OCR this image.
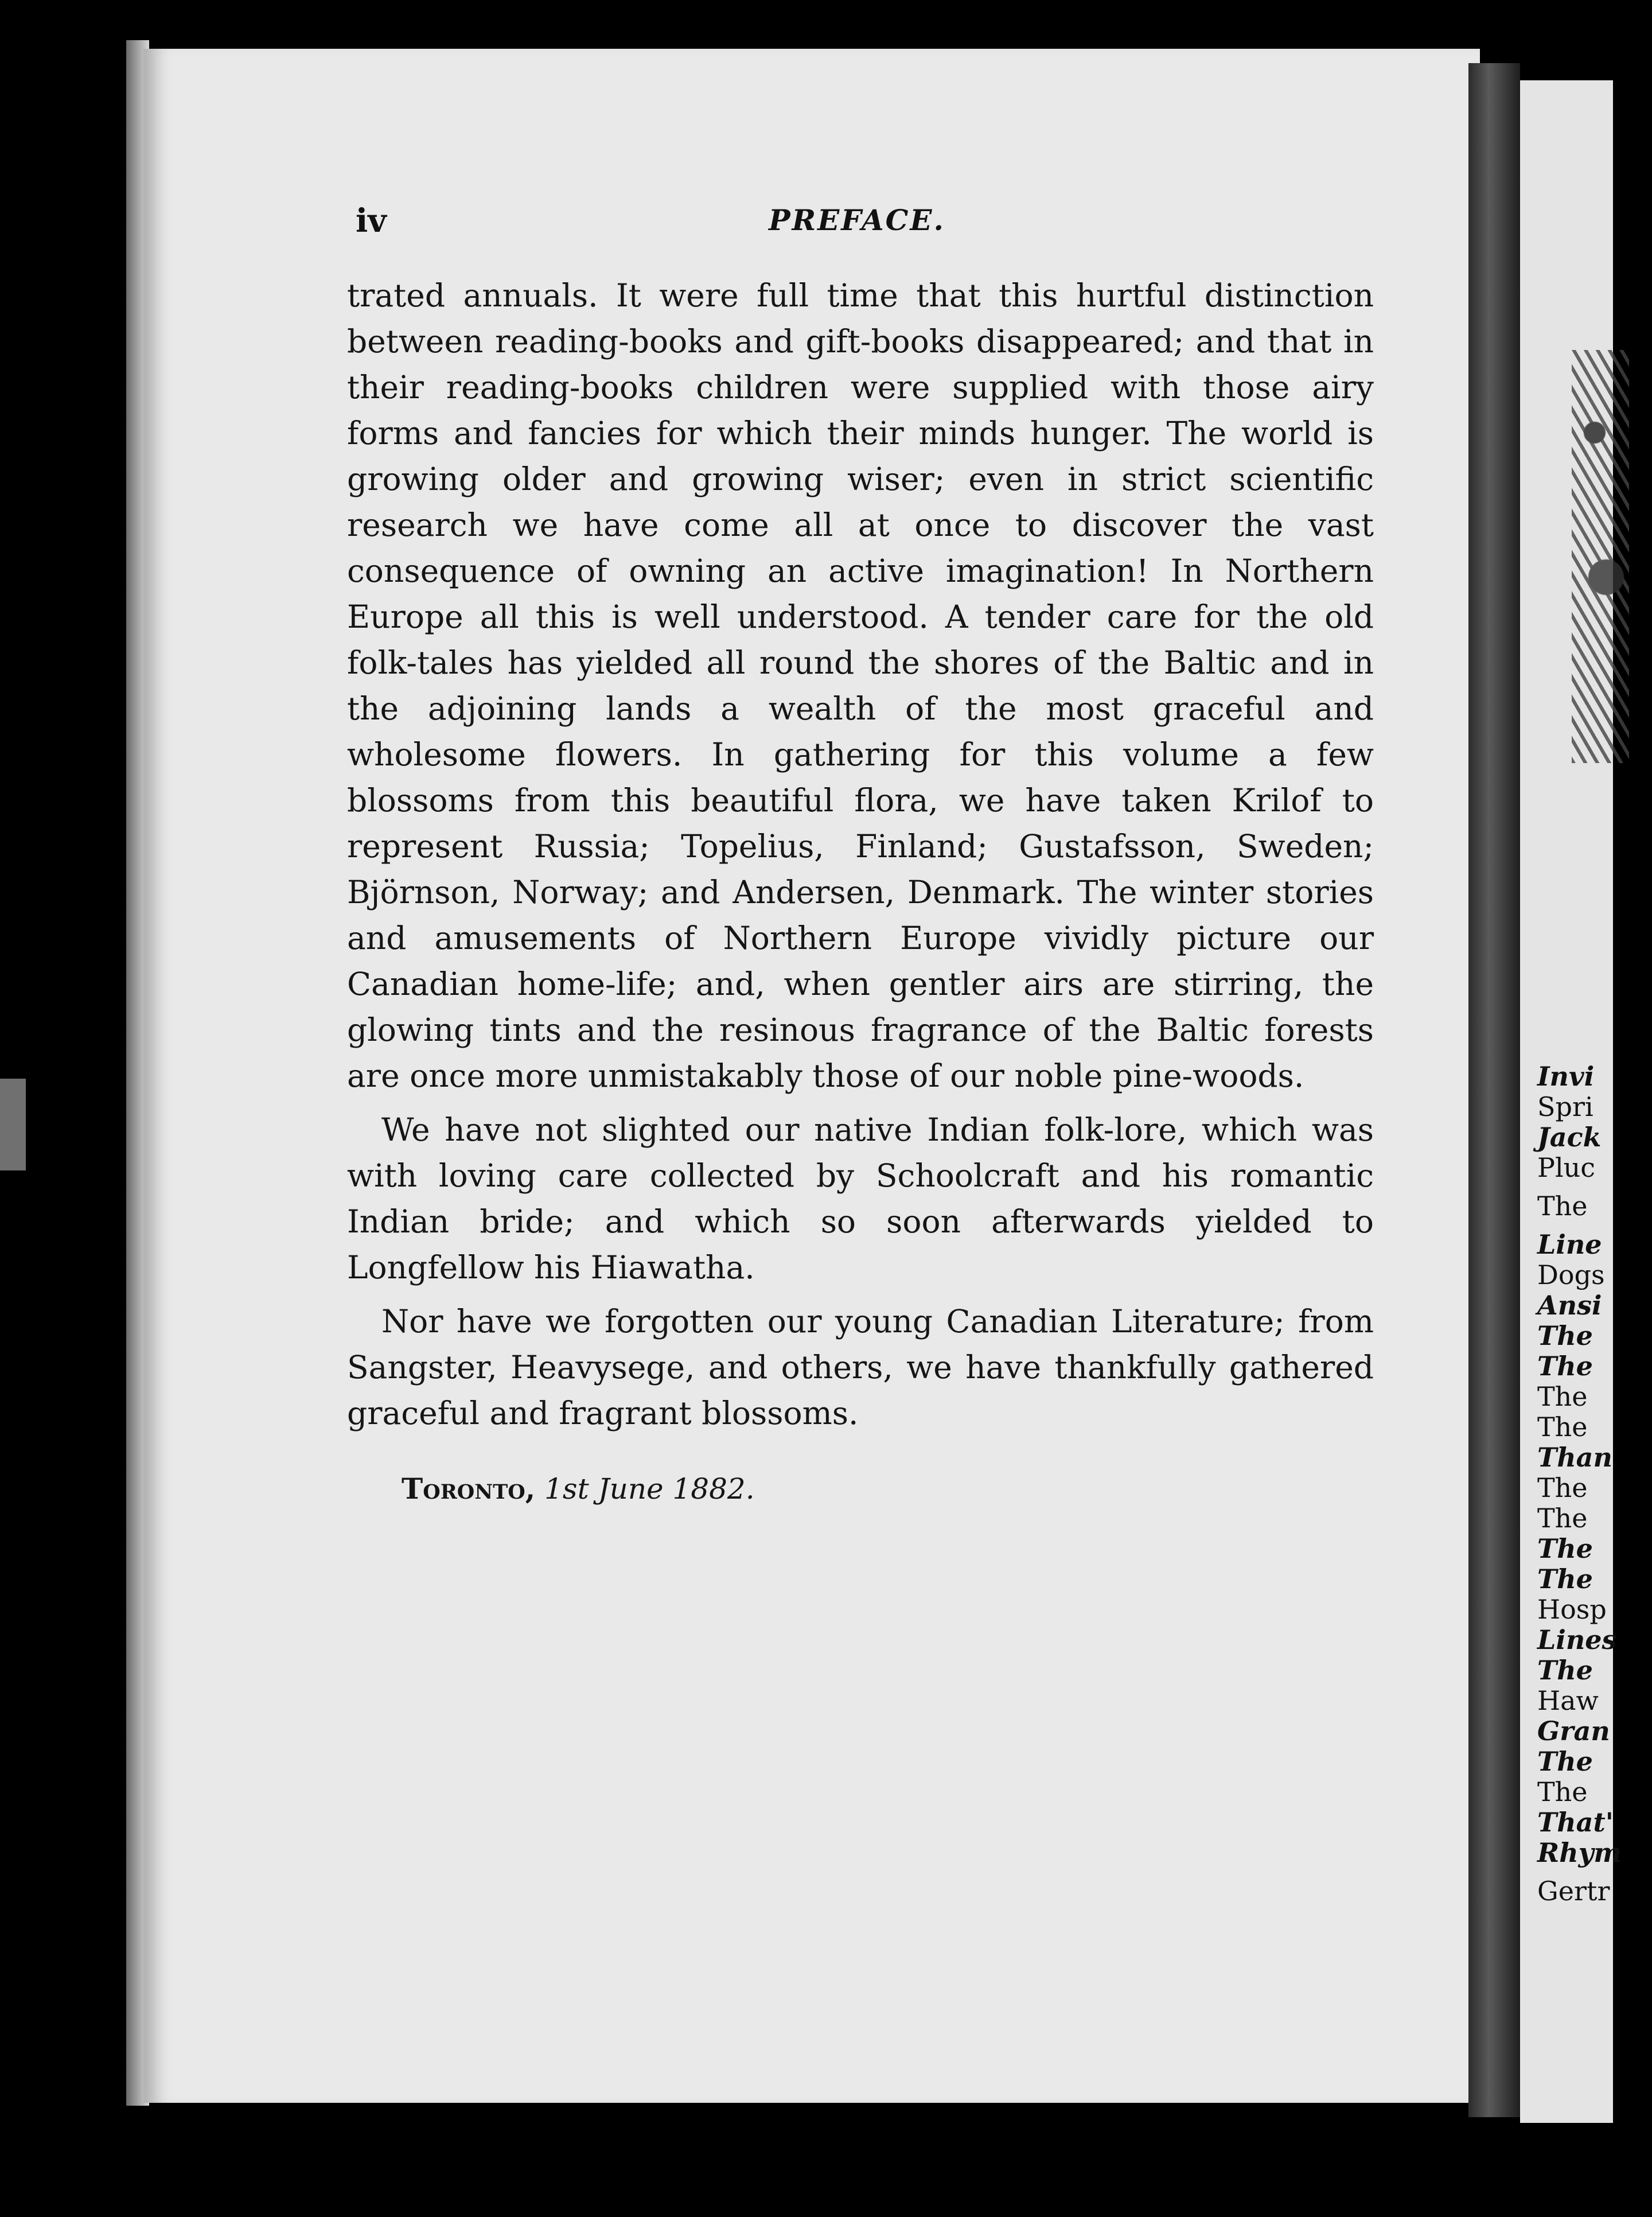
iv	PREFACE.

trated annuals. It were full time that this hurtful distinction between reading-books and gift-books disappeared; and that in their reading-books children were supplied with those airy forms and fancies for which their minds hunger. The world is growing older and growing wiser; even in strict scientific research we have come all at once to discover the vast consequence of owning an active imagination! In Northern Europe all this is well understood. A tender care for the old folk-tales has yielded all round the shores of the Baltic and in the adjoining lands a wealth of the most graceful and wholesome flowers. In gathering for this volume a few blossoms from this beautiful flora, we have taken Krilof to represent Russia; Topelius, Finland; Gustafsson, Sweden; Björnson, Norway; and Andersen, Denmark. The winter stories and amusements of Northern Europe vividly picture our Canadian home-life; and, when gentler airs are stirring, the glowing tints and the resinous fragrance of the Baltic forests are once more unmistakably those of our noble pine-woods.

We have not slighted our native Indian folk-lore, which was with loving care collected by Schoolcraft and his romantic Indian bride; and which so soon afterwards yielded to Longfellow his Hiawatha.

Nor have we forgotten our young Canadian Literature; from Sangster, Heavysege, and others, we have thankfully gathered graceful and fragrant blossoms.

Toronto, 1st June 1882.
Invi
Spri
Jack
Pluc
The
Line
Dogs
Ansi
The
The
The
The
Than
The
The
The
The
Hosp
Lines
The
Haw
Gran
The
The
That'
Rhym
Gertr
